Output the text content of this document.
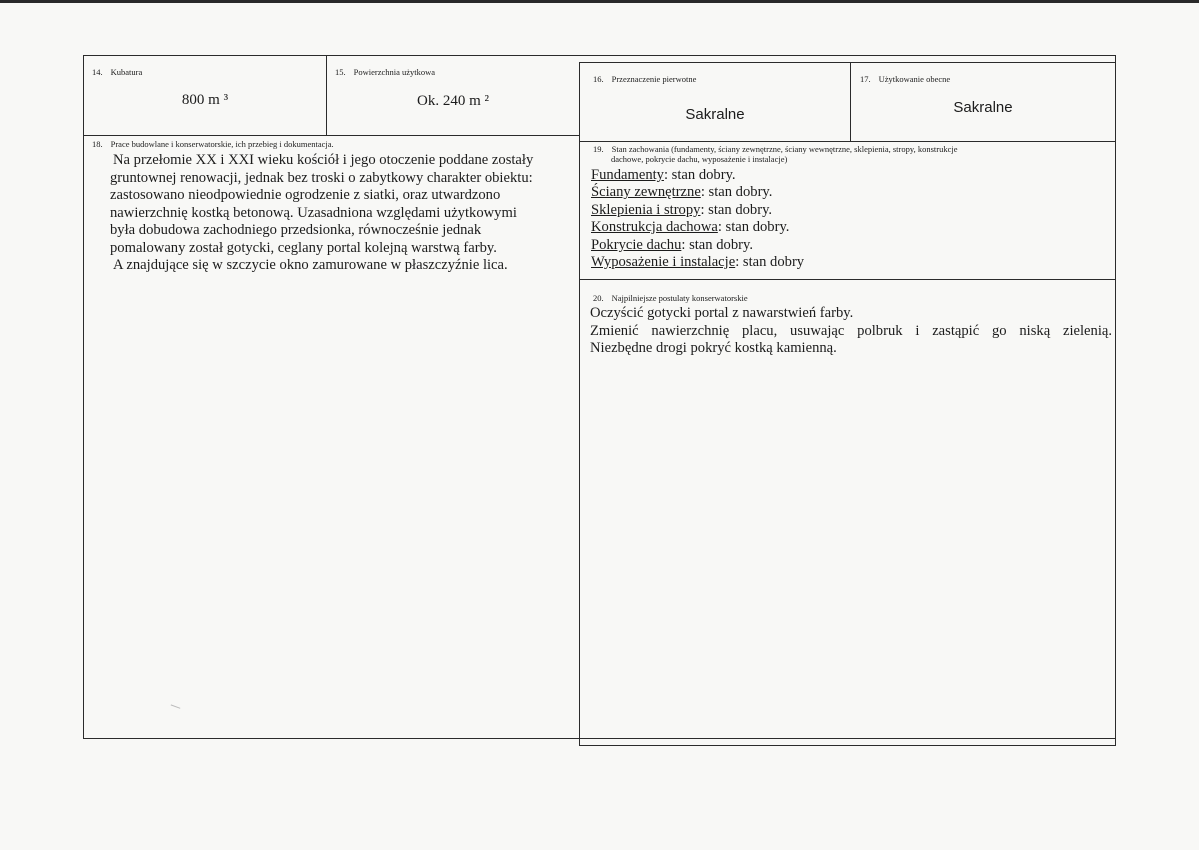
14. Kubatura
800 m ³
15. Powierzchnia użytkowa
Ok. 240 m ²
16. Przeznaczenie pierwotne
Sakralne
17. Użytkowanie obecne
Sakralne
18. Prace budowlane i konserwatorskie, ich przebieg i dokumentacja.
Na przełomie XX i XXI wieku kościół i jego otoczenie poddane zostały
gruntownej renowacji, jednak bez troski o zabytkowy charakter obiektu:
zastosowano nieodpowiednie ogrodzenie z siatki, oraz utwardzono
nawierzchnię kostką betonową. Uzasadniona względami użytkowymi
była dobudowa zachodniego przedsionka, równocześnie jednak
pomalowany został gotycki, ceglany portal kolejną warstwą farby.
A znajdujące się w szczycie okno zamurowane w płaszczyźnie lica.
19. Stan zachowania (fundamenty, ściany zewnętrzne, ściany wewnętrzne, sklepienia, stropy, konstrukcje
dachowe, pokrycie dachu, wyposażenie i instalacje)
Fundamenty: stan dobry.
Ściany zewnętrzne: stan dobry.
Sklepienia i stropy: stan dobry.
Konstrukcja dachowa: stan dobry.
Pokrycie dachu: stan dobry.
Wyposażenie i instalacje: stan dobry
20. Najpilniejsze postulaty konserwatorskie
Oczyścić gotycki portal z nawarstwień farby.
Zmienić nawierzchnię placu, usuwając polbruk i zastąpić go niską zielenią.
Niezbędne drogi pokryć kostką kamienną.
